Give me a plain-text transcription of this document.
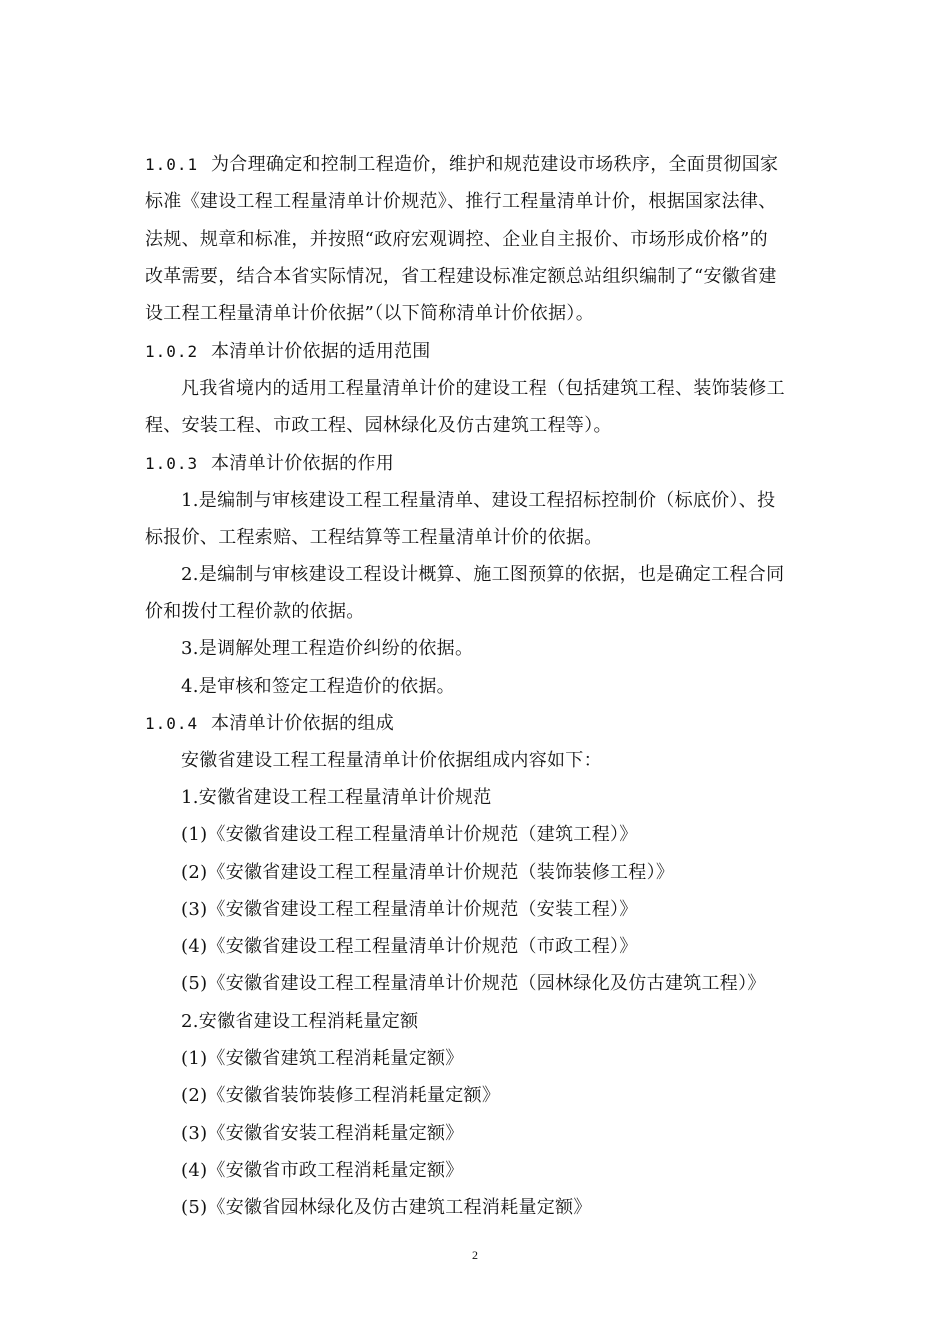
1.0.1 为合理确定和控制工程造价，维护和规范建设市场秩序，全面贯彻国家
标准《建设工程工程量清单计价规范》、推行工程量清单计价，根据国家法律、
法规、规章和标准，并按照“政府宏观调控、企业自主报价、市场形成价格”的
改革需要，结合本省实际情况，省工程建设标准定额总站组织编制了“安徽省建
设工程工程量清单计价依据”（以下简称清单计价依据）。
1.0.2 本清单计价依据的适用范围
凡我省境内的适用工程量清单计价的建设工程（包括建筑工程、装饰装修工
程、安装工程、市政工程、园林绿化及仿古建筑工程等）。
1.0.3 本清单计价依据的作用
1.是编制与审核建设工程工程量清单、建设工程招标控制价（标底价）、投
标报价、工程索赔、工程结算等工程量清单计价的依据。
2.是编制与审核建设工程设计概算、施工图预算的依据，也是确定工程合同
价和拨付工程价款的依据。
3.是调解处理工程造价纠纷的依据。
4.是审核和签定工程造价的依据。
1.0.4 本清单计价依据的组成
安徽省建设工程工程量清单计价依据组成内容如下：
1.安徽省建设工程工程量清单计价规范
(1)《安徽省建设工程工程量清单计价规范（建筑工程）》
(2)《安徽省建设工程工程量清单计价规范（装饰装修工程）》
(3)《安徽省建设工程工程量清单计价规范（安装工程）》
(4)《安徽省建设工程工程量清单计价规范（市政工程）》
(5)《安徽省建设工程工程量清单计价规范（园林绿化及仿古建筑工程）》
2.安徽省建设工程消耗量定额
(1)《安徽省建筑工程消耗量定额》
(2)《安徽省装饰装修工程消耗量定额》
(3)《安徽省安装工程消耗量定额》
(4)《安徽省市政工程消耗量定额》
(5)《安徽省园林绿化及仿古建筑工程消耗量定额》
2
